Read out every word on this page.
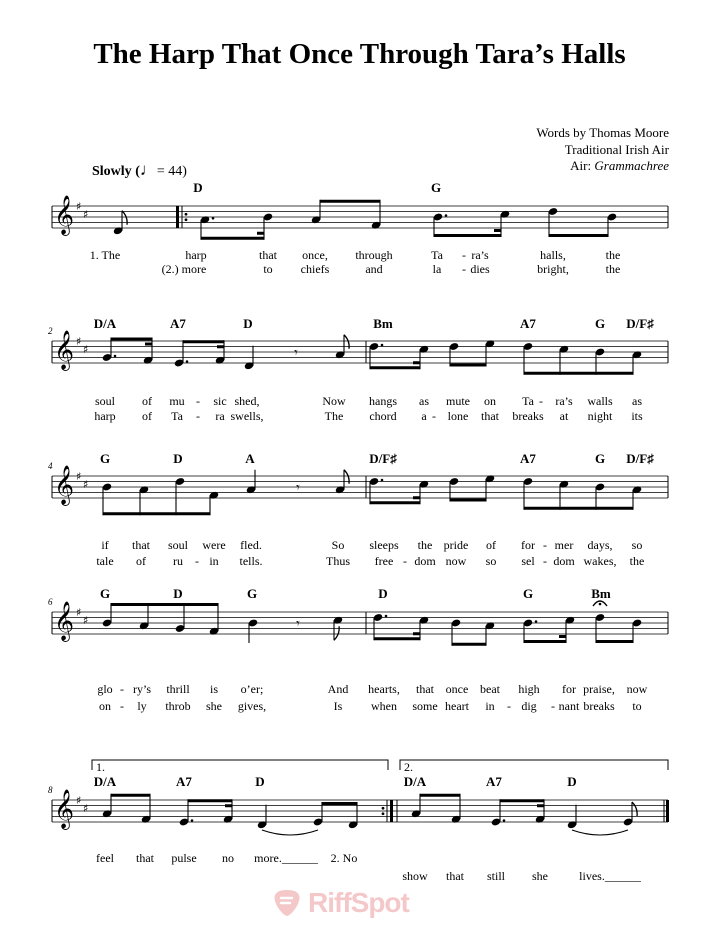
The Harp That Once Through Tara’s Halls
Words by Thomas Moore
Traditional Irish Air
Air: Grammachree
Slowly (♩= 44)
𝄞 ♯
♯
𝄞 ♯
♯	𝄾
2
𝄞 ♯
♯	𝄾
4
𝄞 ♯
♯	𝄾
6
𝄞 ♯
♯
8
1.	2.
D	G
1. The	harp	that once, through	Ta - ra’s	halls,	the
(2.) more	to chiefs	and	la - dies	bright,	the
D/A	A7	D	Bm	A7	G D/F♯
soul of mu - sic shed,	Now hangs as mute on Ta - ra’s walls as
harp of Ta - ra swells,	The chord a - lone that breaks at night its
G	D	A	D/F♯	A7	G D/F♯
if that soul were fled.	So sleeps the pride of for - mer days, so
tale of ru - in tells.	Thus free - dom now so sel - dom wakes, the
G	D	G	D	G	Bm
glo - ry’s thrill is o’er;	And hearts, that once beat high for praise, now
on - ly throb she gives,	Is when some heart in - dig - nant breaks to
D/A	A7	D	D/A	A7	D
feel that pulse no more.______ 2. No
show that still she	lives.______
RiffSpot
